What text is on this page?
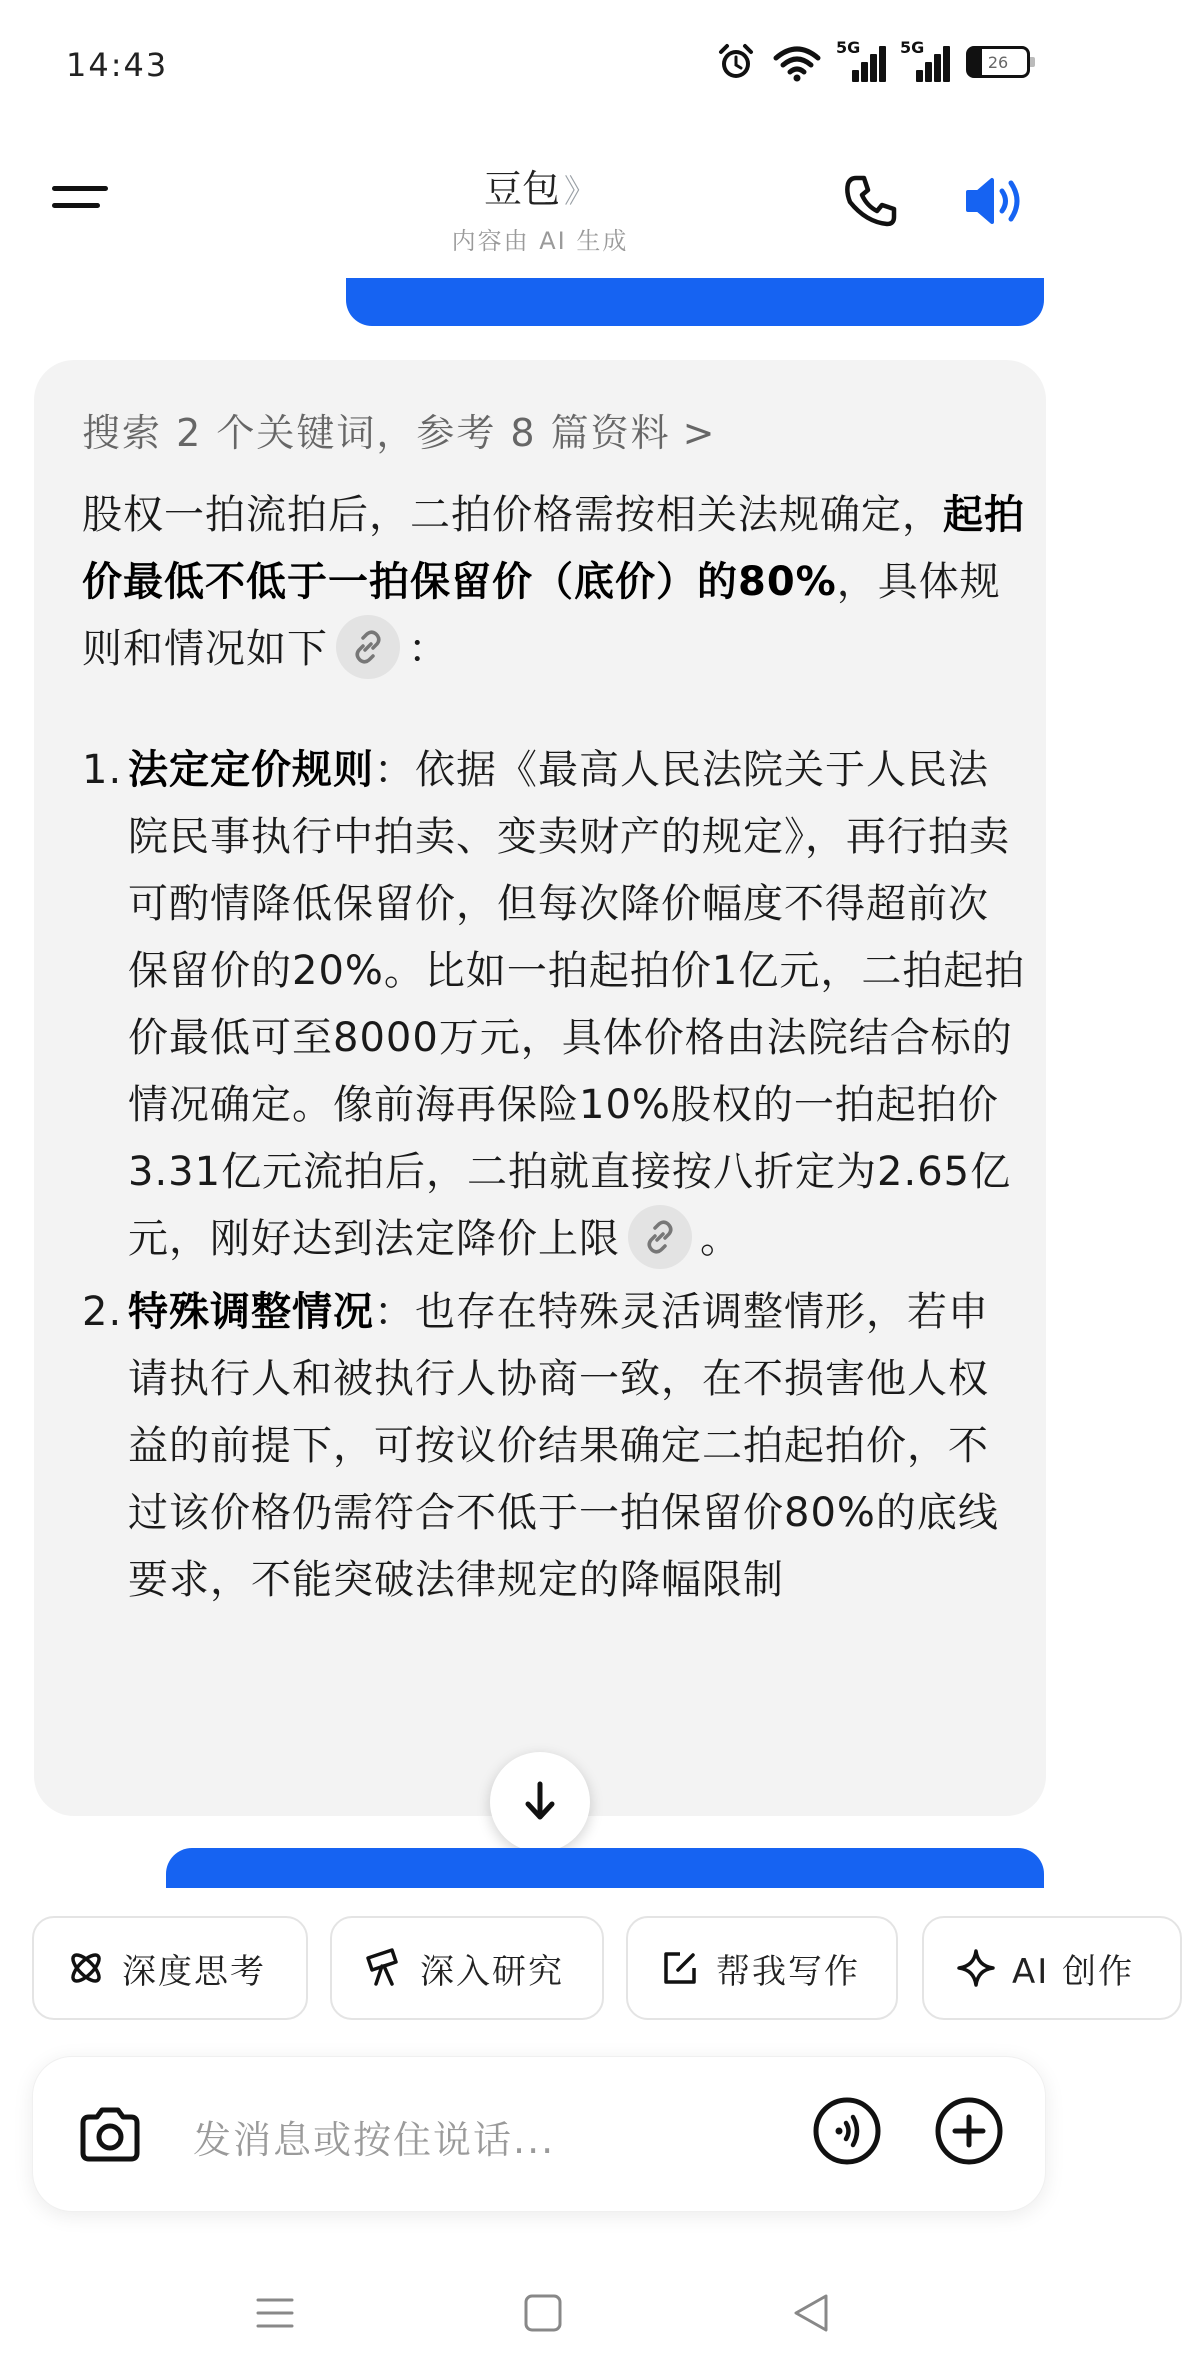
14:43	5G 5G
26
豆包 》
内容由 AI 生成
搜索 2 个关键词，参考 8 篇资料 >
股权一拍流拍后，二拍价格需按相关法规确定，起拍价最低不低于一拍保留价（底价）的80%，具体规则和情况如下 ：
1. 法定定价规则：依据《最高人民法院关于人民法院民事执行中拍卖、变卖财产的规定》，再行拍卖可酌情降低保留价，但每次降价幅度不得超前次保留价的20%。比如一拍起拍价1亿元，二拍起拍价最低可至8000万元，具体价格由法院结合标的情况确定。像前海再保险10%股权的一拍起拍价3.31亿元流拍后，二拍就直接按八折定为2.65亿元，刚好达到法定降价上限 。
2. 特殊调整情况：也存在特殊灵活调整情形，若申请执行人和被执行人协商一致，在不损害他人权益的前提下，可按议价结果确定二拍起拍价，不过该价格仍需符合不低于一拍保留价80%的底线要求，不能突破法律规定的降幅限制
深度思考	深入研究	帮我写作	AI 创作
发消息或按住说话...
